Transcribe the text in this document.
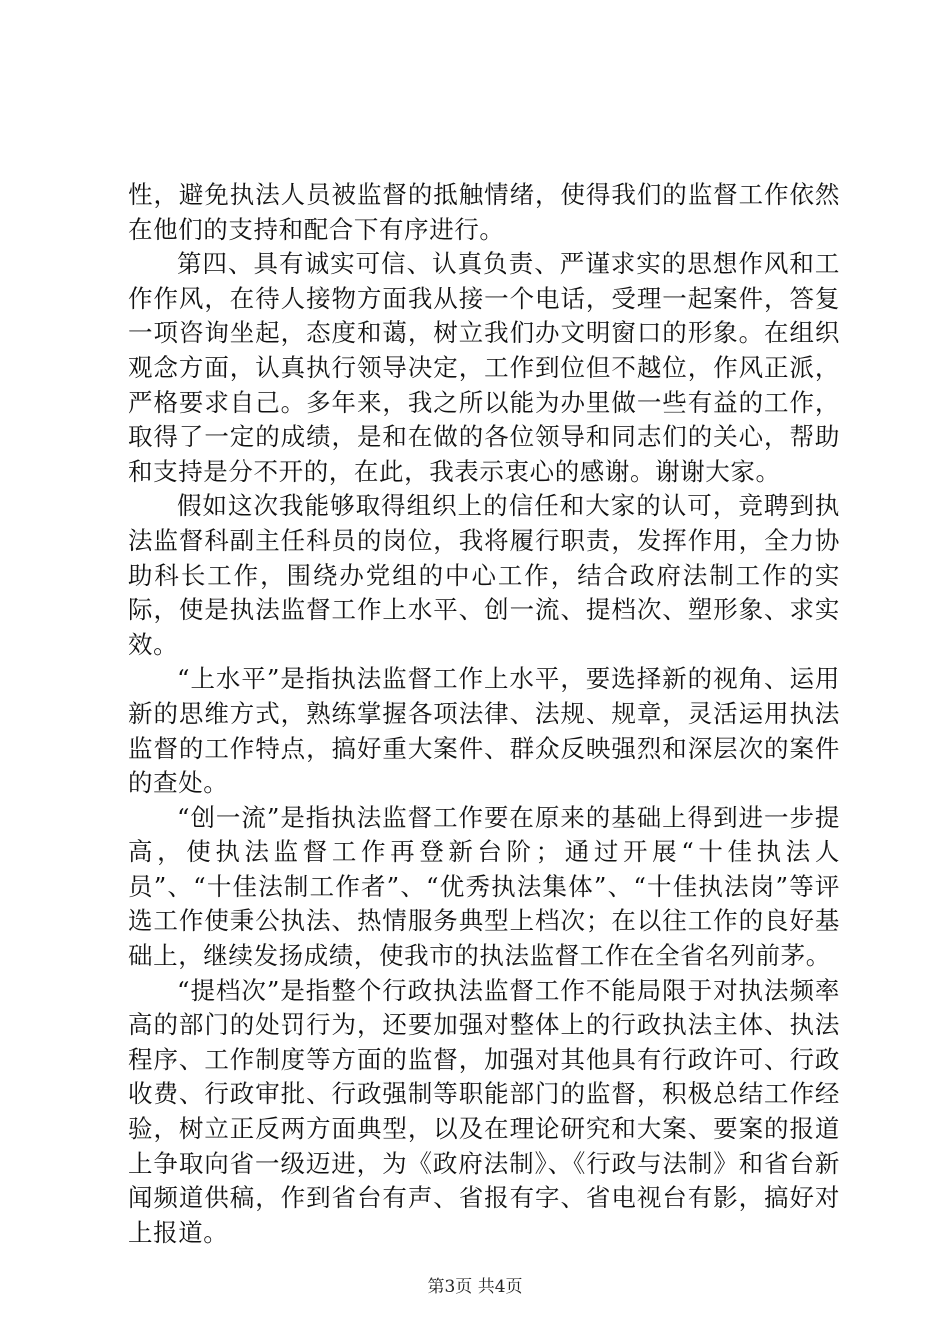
性，避免执法人员被监督的抵触情绪，使得我们的监督工作依然在他们的支持和配合下有序进行。

第四、具有诚实可信、认真负责、严谨求实的思想作风和工作作风，在待人接物方面我从接一个电话，受理一起案件，答复一项咨询坐起，态度和蔼，树立我们办文明窗口的形象。在组织观念方面，认真执行领导决定，工作到位但不越位，作风正派，严格要求自己。多年来，我之所以能为办里做一些有益的工作，取得了一定的成绩，是和在做的各位领导和同志们的关心，帮助和支持是分不开的，在此，我表示衷心的感谢。谢谢大家。

假如这次我能够取得组织上的信任和大家的认可，竞聘到执法监督科副主任科员的岗位，我将履行职责，发挥作用，全力协助科长工作，围绕办党组的中心工作，结合政府法制工作的实际，使是执法监督工作上水平、创一流、提档次、塑形象、求实效。

“上水平”是指执法监督工作上水平，要选择新的视角、运用新的思维方式，熟练掌握各项法律、法规、规章，灵活运用执法监督的工作特点，搞好重大案件、群众反映强烈和深层次的案件的查处。

“创一流”是指执法监督工作要在原来的基础上得到进一步提高，使执法监督工作再登新台阶；通过开展“十佳执法人员”、“十佳法制工作者”、“优秀执法集体”、“十佳执法岗”等评选工作使秉公执法、热情服务典型上档次；在以往工作的良好基础上，继续发扬成绩，使我市的执法监督工作在全省名列前茅。

“提档次”是指整个行政执法监督工作不能局限于对执法频率高的部门的处罚行为，还要加强对整体上的行政执法主体、执法程序、工作制度等方面的监督，加强对其他具有行政许可、行政收费、行政审批、行政强制等职能部门的监督，积极总结工作经验，树立正反两方面典型，以及在理论研究和大案、要案的报道上争取向省一级迈进，为《政府法制》、《行政与法制》和省台新闻频道供稿，作到省台有声、省报有字、省电视台有影，搞好对上报道。

第3页 共4页
